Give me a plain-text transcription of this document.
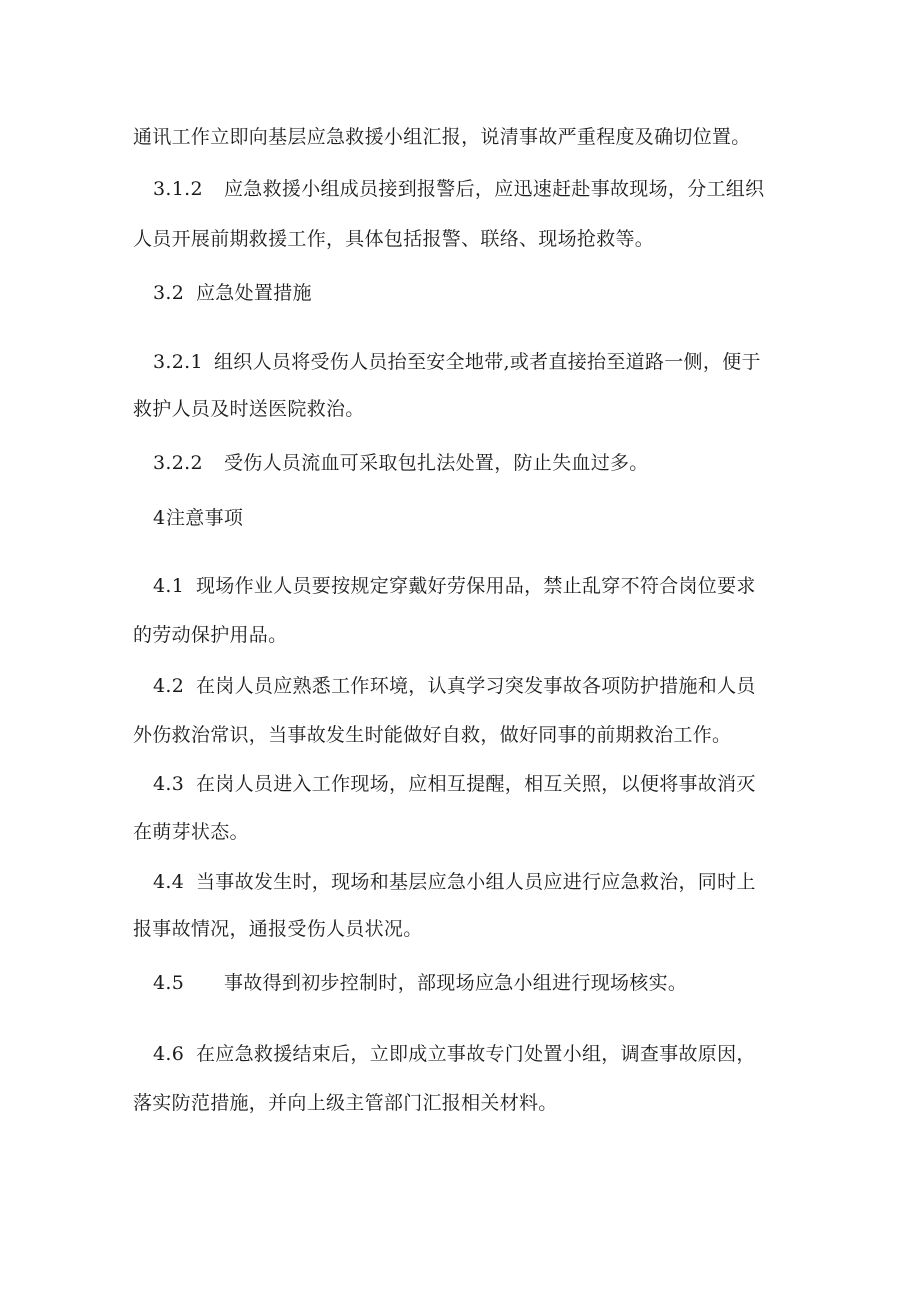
通讯工作立即向基层应急救援小组汇报，说清事故严重程度及确切位置。
3.1.2 应急救援小组成员接到报警后，应迅速赶赴事故现场，分工组织
人员开展前期救援工作，具体包括报警、联络、现场抢救等。
3.2 应急处置措施
3.2.1 组织人员将受伤人员抬至安全地带,或者直接抬至道路一侧，便于
救护人员及时送医院救治。
3.2.2 受伤人员流血可采取包扎法处置，防止失血过多。
4 注意事项
4.1 现场作业人员要按规定穿戴好劳保用品，禁止乱穿不符合岗位要求
的劳动保护用品。
4.2 在岗人员应熟悉工作环境，认真学习突发事故各项防护措施和人员
外伤救治常识，当事故发生时能做好自救，做好同事的前期救治工作。
4.3 在岗人员进入工作现场，应相互提醒，相互关照，以便将事故消灭
在萌芽状态。
4.4 当事故发生时，现场和基层应急小组人员应进行应急救治，同时上
报事故情况，通报受伤人员状况。
4.5 事故得到初步控制时，部现场应急小组进行现场核实。
4.6 在应急救援结束后，立即成立事故专门处置小组，调查事故原因，
落实防范措施，并向上级主管部门汇报相关材料。
